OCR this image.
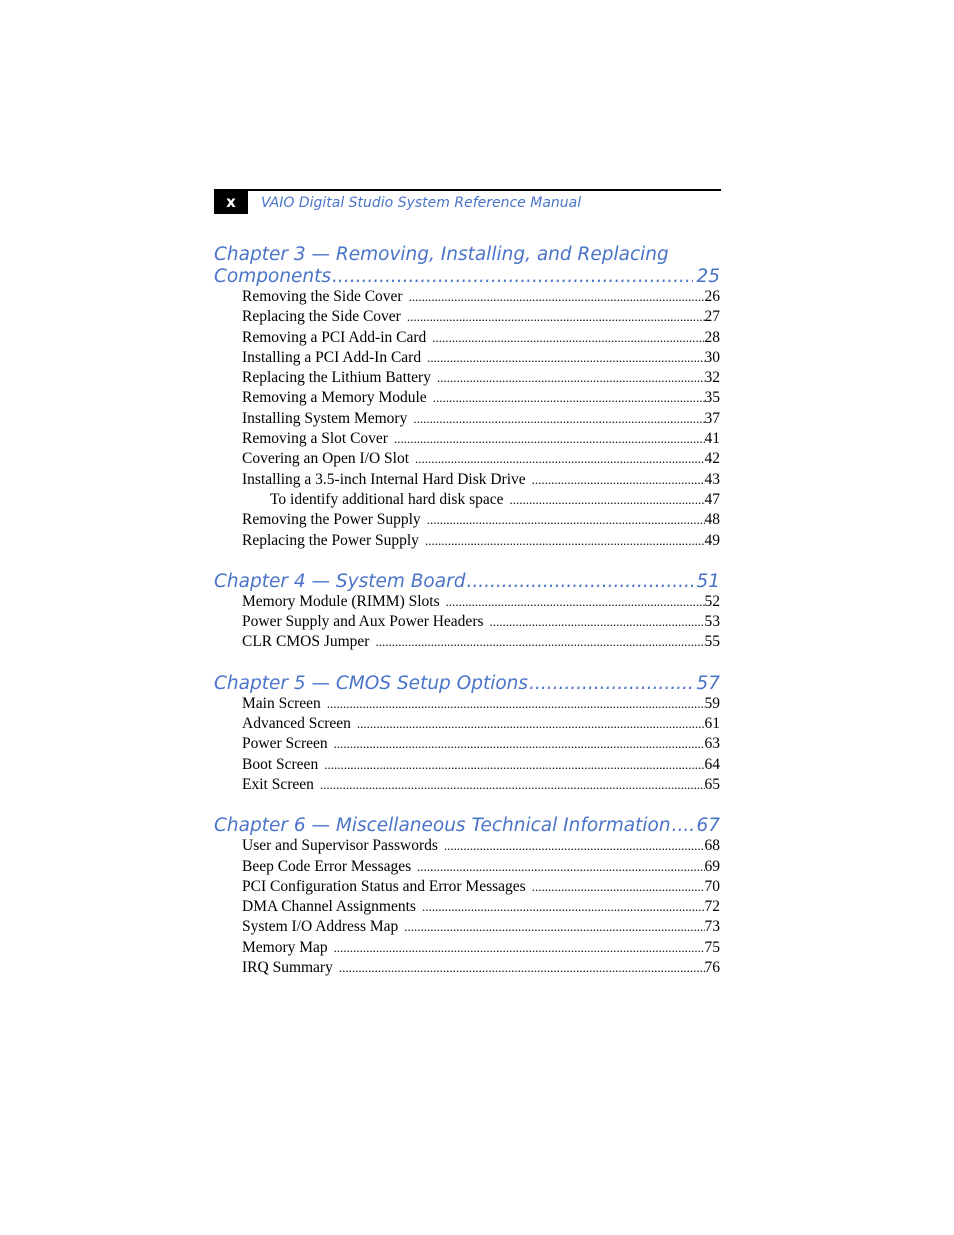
x	VAIO Digital Studio System Reference Manual
Chapter 3 — Removing, Installing, and Replacing
Components .....	25
Removing the Side Cover .....	26
Replacing the Side Cover .....	27
Removing a PCI Add-in Card .....	28
Installing a PCI Add-In Card .....	30
Replacing the Lithium Battery .....	32
Removing a Memory Module .....	35
Installing System Memory .....	37
Removing a Slot Cover .....	41
Covering an Open I/O Slot .....	42
Installing a 3.5-inch Internal Hard Disk Drive .....	43
To identify additional hard disk space .....	47
Removing the Power Supply .....	48
Replacing the Power Supply .....	49
Chapter 4 — System Board .....	51
Memory Module (RIMM) Slots .....	52
Power Supply and Aux Power Headers .....	53
CLR CMOS Jumper .....	55
Chapter 5 — CMOS Setup Options .....	57
Main Screen .....	59
Advanced Screen .....	61
Power Screen .....	63
Boot Screen .....	64
Exit Screen .....	65
Chapter 6 — Miscellaneous Technical Information ..... 67
User and Supervisor Passwords .....	68
Beep Code Error Messages .....	69
PCI Configuration Status and Error Messages .....	70
DMA Channel Assignments .....	72
System I/O Address Map .....	73
Memory Map .....	75
IRQ Summary .....	76
